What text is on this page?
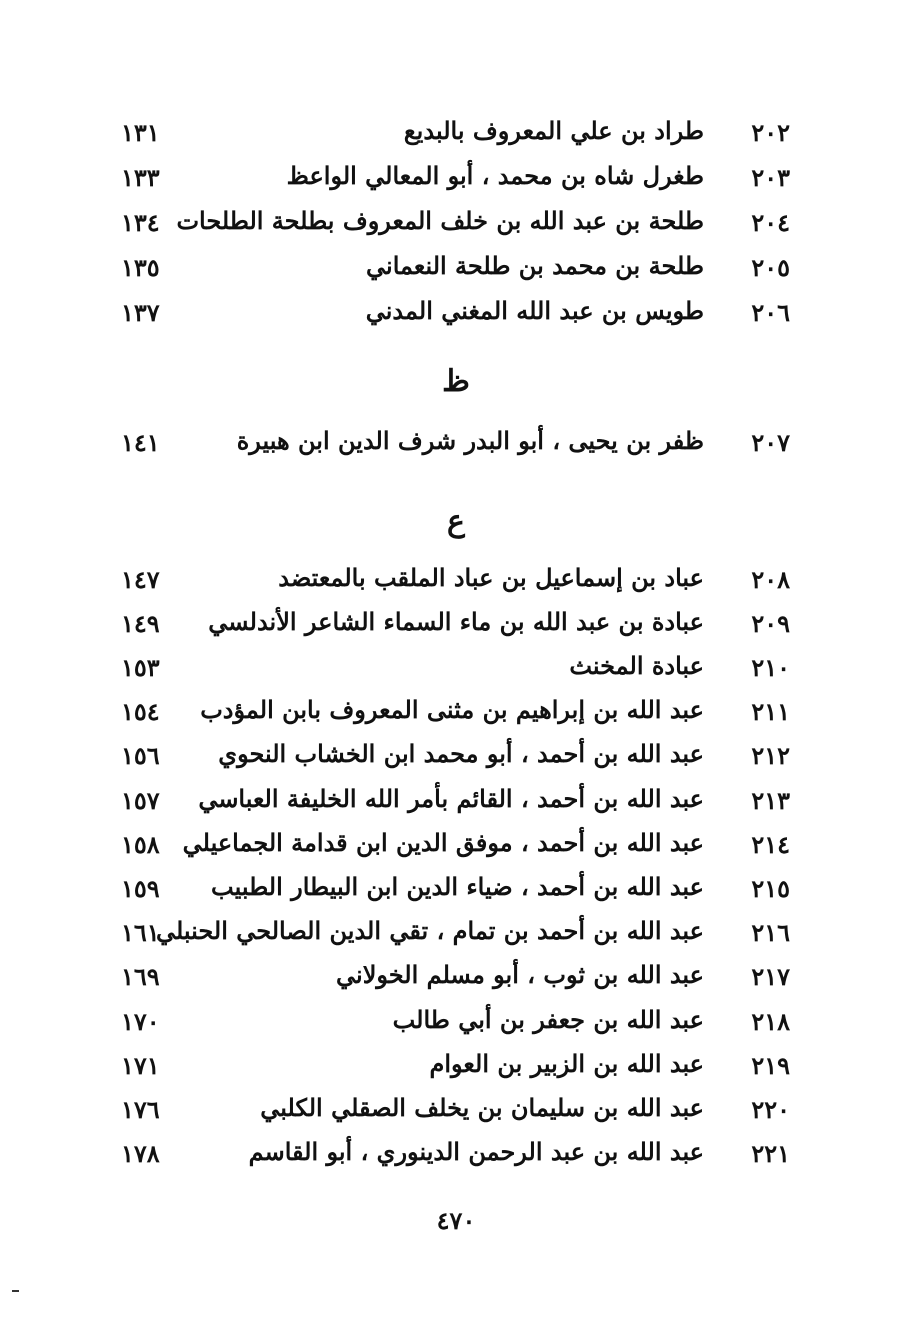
٢٠٢
طراد بن علي المعروف بالبديع
١٣١
٢٠٣
طغرل شاه بن محمد ، أبو المعالي الواعظ
١٣٣
٢٠٤
طلحة بن عبد الله بن خلف المعروف بطلحة الطلحات
١٣٤
٢٠٥
طلحة بن محمد بن طلحة النعماني
١٣٥
٢٠٦
طويس بن عبد الله المغني المدني
١٣٧
ظ
٢٠٧
ظفر بن يحيى ، أبو البدر شرف الدين ابن هبيرة
١٤١
ع
٢٠٨
عباد بن إسماعيل بن عباد الملقب بالمعتضد
١٤٧
٢٠٩
عبادة بن عبد الله بن ماء السماء الشاعر الأندلسي
١٤٩
٢١٠
عبادة المخنث
١٥٣
٢١١
عبد الله بن إبراهيم بن مثنى المعروف بابن المؤدب
١٥٤
٢١٢
عبد الله بن أحمد ، أبو محمد ابن الخشاب النحوي
١٥٦
٢١٣
عبد الله بن أحمد ، القائم بأمر الله الخليفة العباسي
١٥٧
٢١٤
عبد الله بن أحمد ، موفق الدين ابن قدامة الجماعيلي
١٥٨
٢١٥
عبد الله بن أحمد ، ضياء الدين ابن البيطار الطبيب
١٥٩
٢١٦
عبد الله بن أحمد بن تمام ، تقي الدين الصالحي الحنبلي
١٦١
٢١٧
عبد الله بن ثوب ، أبو مسلم الخولاني
١٦٩
٢١٨
عبد الله بن جعفر بن أبي طالب
١٧٠
٢١٩
عبد الله بن الزبير بن العوام
١٧١
٢٢٠
عبد الله بن سليمان بن يخلف الصقلي الكلبي
١٧٦
٢٢١
عبد الله بن عبد الرحمن الدينوري ، أبو القاسم
١٧٨
٤٧٠
